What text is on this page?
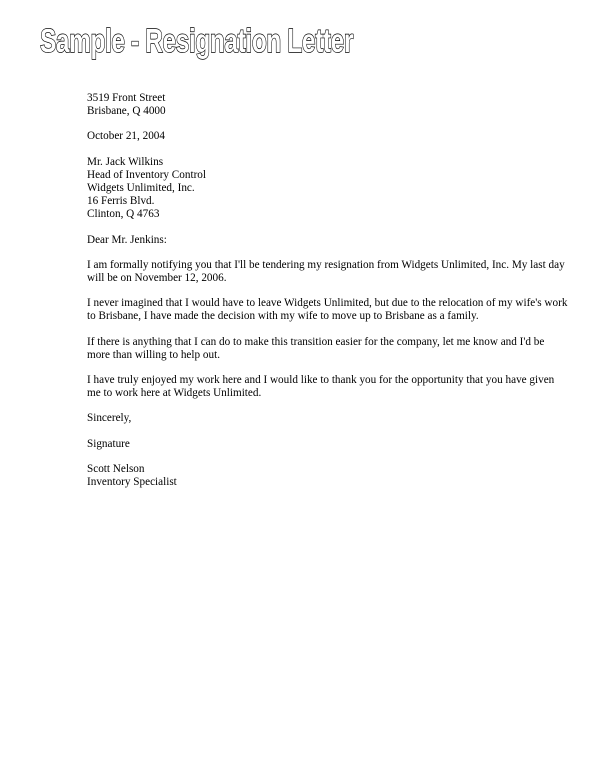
Sample - Resignation Letter
3519 Front Street
Brisbane, Q 4000
October 21, 2004
Mr. Jack Wilkins
Head of Inventory Control
Widgets Unlimited, Inc.
16 Ferris Blvd.
Clinton, Q 4763
Dear Mr. Jenkins:
I am formally notifying you that I'll be tendering my resignation from Widgets Unlimited, Inc. My last day
will be on November 12, 2006.
I never imagined that I would have to leave Widgets Unlimited, but due to the relocation of my wife's work
to Brisbane, I have made the decision with my wife to move up to Brisbane as a family.
If there is anything that I can do to make this transition easier for the company, let me know and I'd be
more than willing to help out.
I have truly enjoyed my work here and I would like to thank you for the opportunity that you have given
me to work here at Widgets Unlimited.
Sincerely,
Signature
Scott Nelson
Inventory Specialist
